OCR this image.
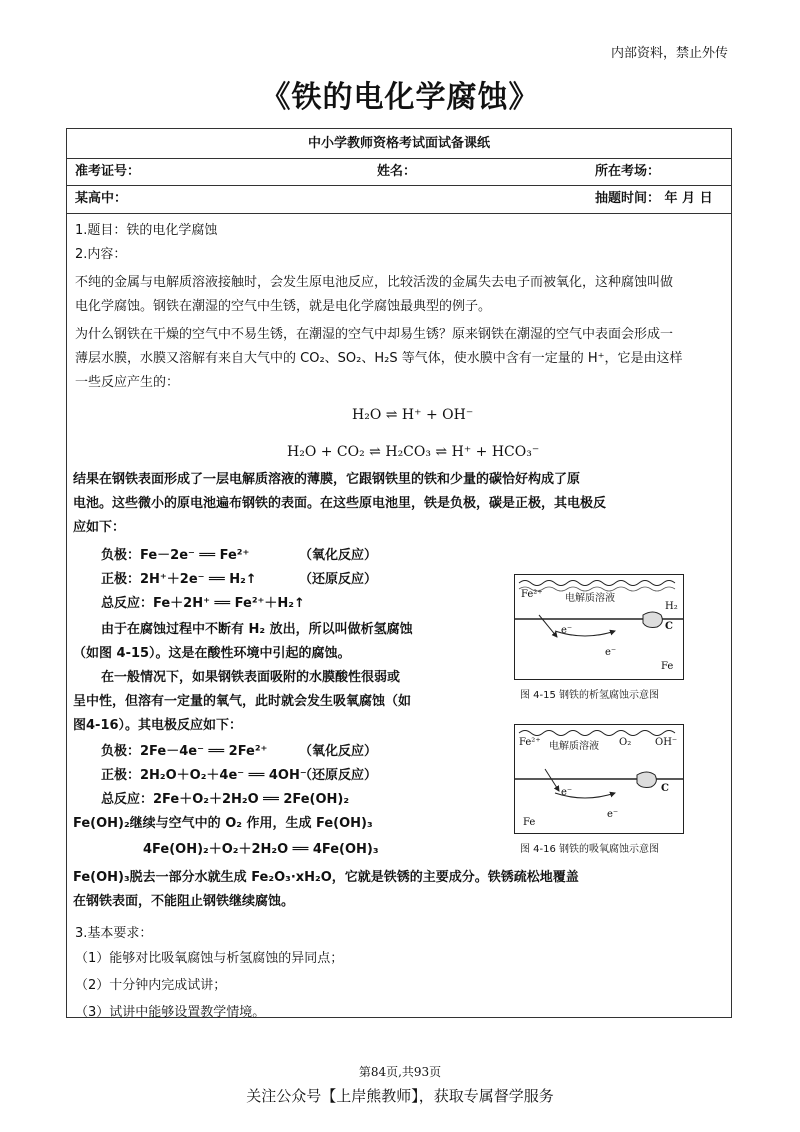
内部资料，禁止外传
《铁的电化学腐蚀》
中小学教师资格考试面试备课纸
准考证号：	姓名：	所在考场：
某高中：	抽题时间： 年 月 日

1.题目：铁的电化学腐蚀

2.内容：

不纯的金属与电解质溶液接触时，会发生原电池反应，比较活泼的金属失去电子而被氧化，这种腐蚀叫做

电化学腐蚀。钢铁在潮湿的空气中生锈，就是电化学腐蚀最典型的例子。

为什么钢铁在干燥的空气中不易生锈，在潮湿的空气中却易生锈？原来钢铁在潮湿的空气中表面会形成一

薄层水膜，水膜又溶解有来自大气中的 CO₂、SO₂、H₂S 等气体，使水膜中含有一定量的 H⁺，它是由这样

一些反应产生的：

H₂O ⇌ H⁺ + OH⁻
H₂O + CO₂ ⇌ H₂CO₃ ⇌ H⁺ + HCO₃⁻
3.基本要求：
（1）能够对比吸氧腐蚀与析氢腐蚀的异同点；
（2）十分钟内完成试讲；
（3）试讲中能够设置教学情境。
结果在钢铁表面形成了一层电解质溶液的薄膜，它跟钢铁里的铁和少量的碳恰好构成了原
电池。这些微小的原电池遍布钢铁的表面。在这些原电池里，铁是负极，碳是正极，其电极反
应如下：
负极：Fe－2e⁻ ══ Fe²⁺	（氧化反应）
正极：2H⁺＋2e⁻ ══ H₂↑	（还原反应）
总反应：Fe＋2H⁺ ══ Fe²⁺＋H₂↑
由于在腐蚀过程中不断有 H₂ 放出，所以叫做析氢腐蚀
（如图 4-15）。这是在酸性环境中引起的腐蚀。
在一般情况下，如果钢铁表面吸附的水膜酸性很弱或
呈中性，但溶有一定量的氧气，此时就会发生吸氧腐蚀（如
图4-16）。其电极反应如下：
负极：2Fe－4e⁻ ══ 2Fe²⁺ （氧化反应）
正极：2H₂O＋O₂＋4e⁻ ══ 4OH⁻
（还原反应）
总反应：2Fe＋O₂＋2H₂O ══ 2Fe(OH)₂
Fe(OH)₂继续与空气中的 O₂ 作用，生成 Fe(OH)₃
4Fe(OH)₂＋O₂＋2H₂O ══ 4Fe(OH)₃
Fe(OH)₃脱去一部分水就生成 Fe₂O₃·xH₂O，它就是铁锈的主要成分。铁锈疏松地覆盖
在钢铁表面，不能阻止钢铁继续腐蚀。
Fe²⁺ 电解质溶液
H₂
C
e⁻
e⁻
Fe
图 4-15 钢铁的析氢腐蚀示意图
Fe²⁺ 电解质溶液 O₂ OH⁻
C
e⁻
e⁻
Fe
图 4-16 钢铁的吸氧腐蚀示意图
第84页,共93页
关注公众号【上岸熊教师】，获取专属督学服务
